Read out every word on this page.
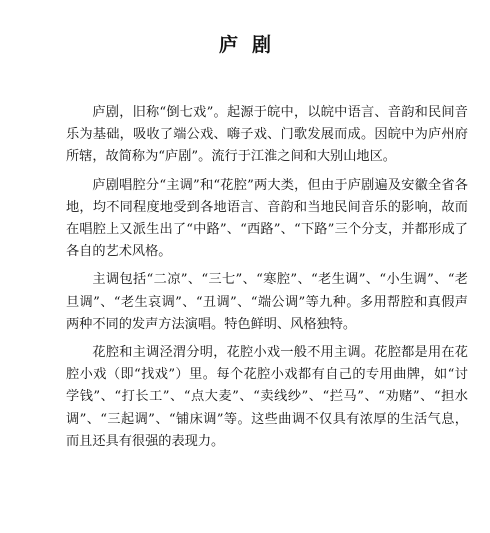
庐剧

庐剧，旧称“倒七戏”。起源于皖中，以皖中语言、音韵和民间音乐为基础，吸收了端公戏、嗨子戏、门歌发展而成。因皖中为庐州府所辖，故简称为“庐剧”。流行于江淮之间和大别山地区。

庐剧唱腔分“主调”和“花腔”两大类，但由于庐剧遍及安徽全省各地，均不同程度地受到各地语言、音韵和当地民间音乐的影响，故而在唱腔上又派生出了“中路”、“西路”、“下路”三个分支，并都形成了各自的艺术风格。

主调包括“二凉”、“三七”、“寒腔”、“老生调”、“小生调”、“老旦调”、“老生哀调”、“丑调”、“端公调”等九种。多用帮腔和真假声两种不同的发声方法演唱。特色鲜明、风格独特。

花腔和主调泾渭分明，花腔小戏一般不用主调。花腔都是用在花腔小戏（即“找戏”）里。每个花腔小戏都有自己的专用曲牌，如“讨学钱”、“打长工”、“点大麦”、“卖线纱”、“拦马”、“劝赌”、“担水调”、“三起调”、“铺床调”等。这些曲调不仅具有浓厚的生活气息，而且还具有很强的表现力。
